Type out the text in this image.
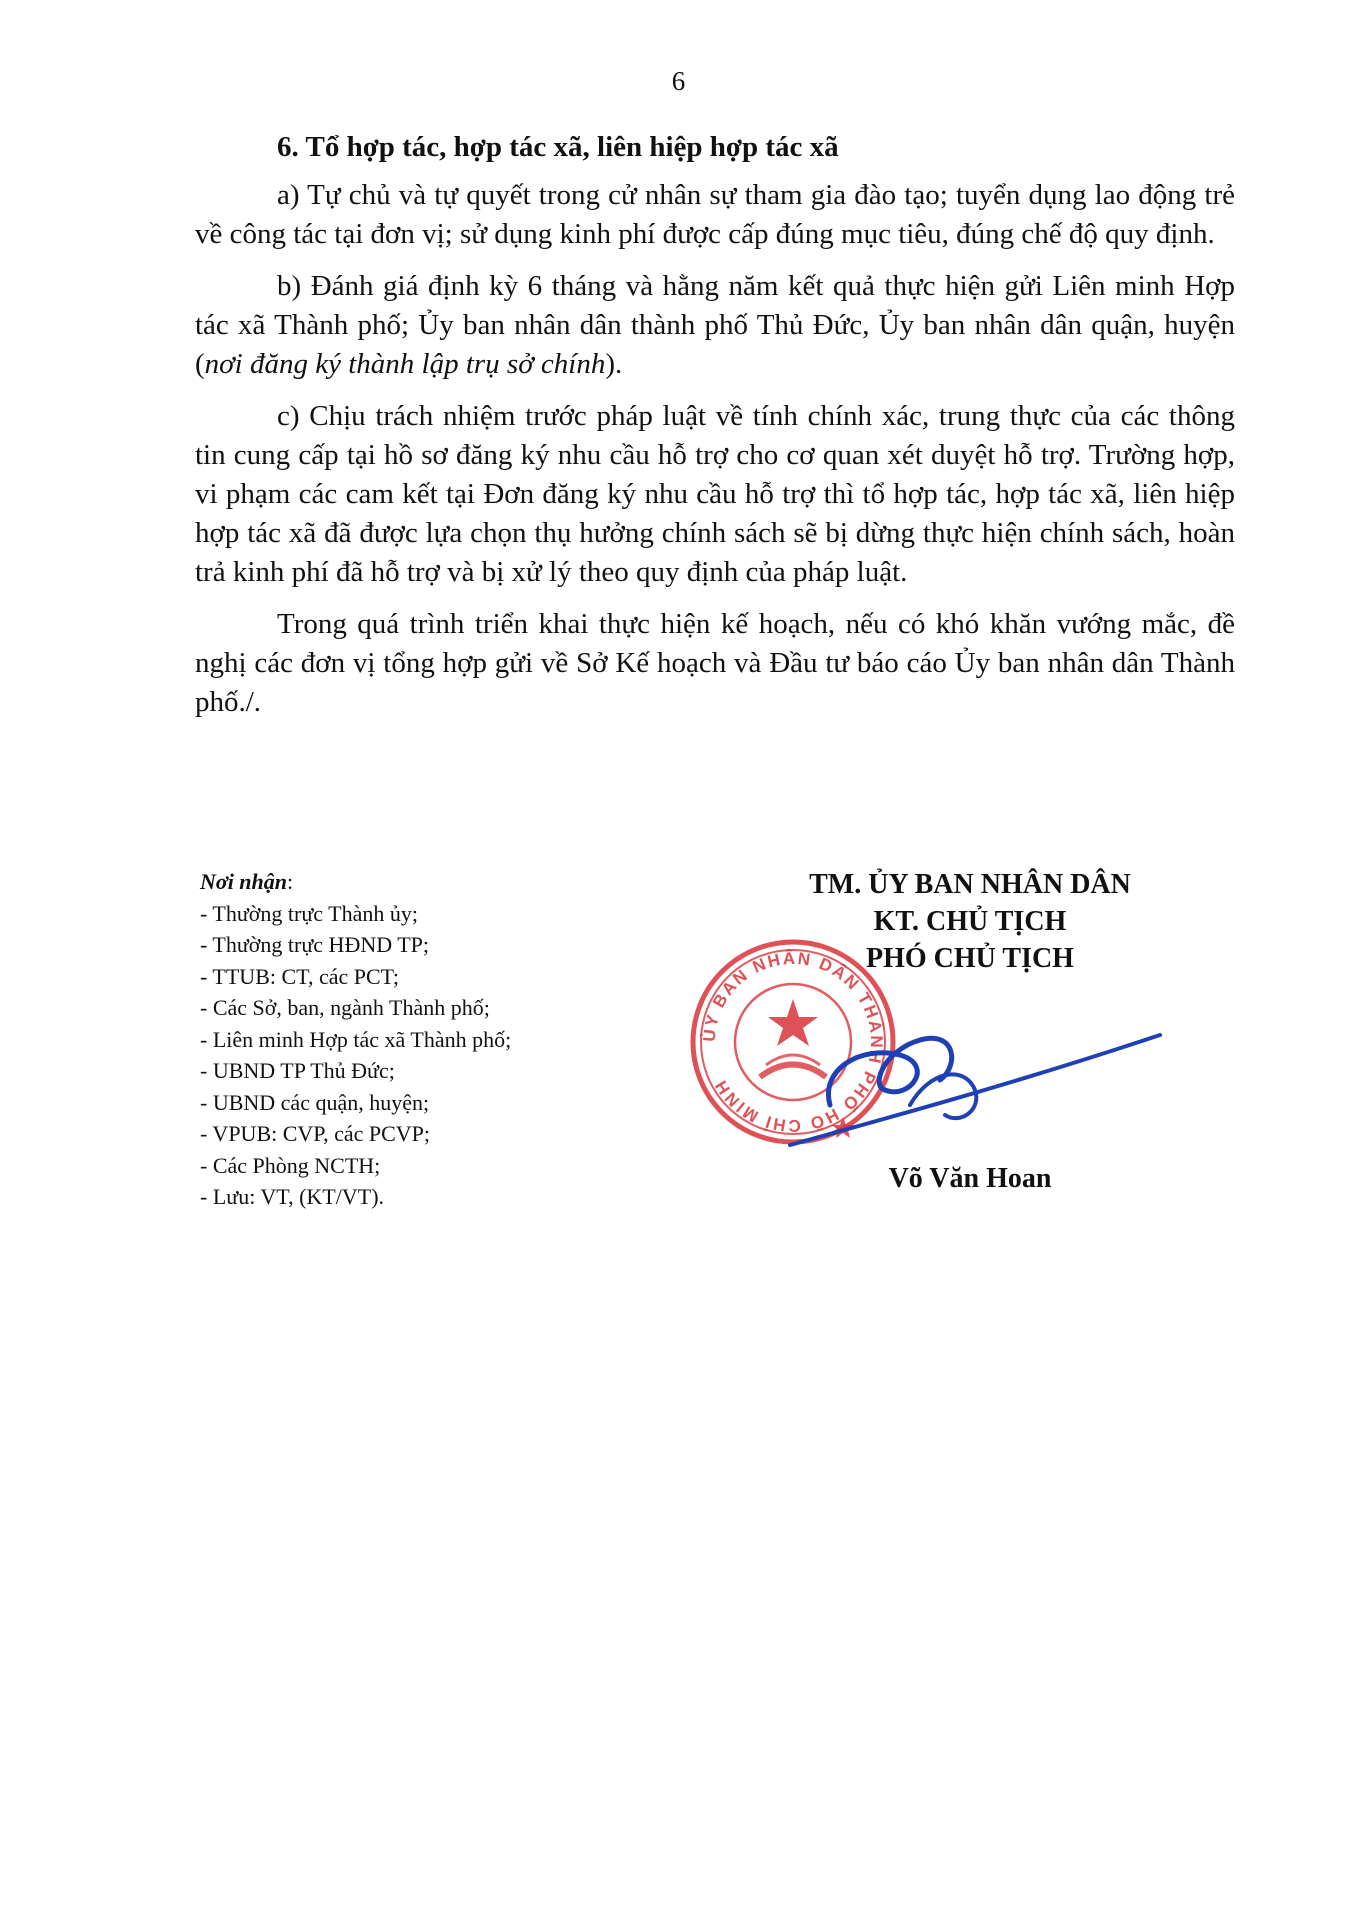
6
6. Tổ hợp tác, hợp tác xã, liên hiệp hợp tác xã

a) Tự chủ và tự quyết trong cử nhân sự tham gia đào tạo; tuyển dụng lao động trẻ về công tác tại đơn vị; sử dụng kinh phí được cấp đúng mục tiêu, đúng chế độ quy định.

b) Đánh giá định kỳ 6 tháng và hằng năm kết quả thực hiện gửi Liên minh Hợp tác xã Thành phố; Ủy ban nhân dân thành phố Thủ Đức, Ủy ban nhân dân quận, huyện (nơi đăng ký thành lập trụ sở chính).

c) Chịu trách nhiệm trước pháp luật về tính chính xác, trung thực của các thông tin cung cấp tại hồ sơ đăng ký nhu cầu hỗ trợ cho cơ quan xét duyệt hỗ trợ. Trường hợp, vi phạm các cam kết tại Đơn đăng ký nhu cầu hỗ trợ thì tổ hợp tác, hợp tác xã, liên hiệp hợp tác xã đã được lựa chọn thụ hưởng chính sách sẽ bị dừng thực hiện chính sách, hoàn trả kinh phí đã hỗ trợ và bị xử lý theo quy định của pháp luật.

Trong quá trình triển khai thực hiện kế hoạch, nếu có khó khăn vướng mắc, đề nghị các đơn vị tổng hợp gửi về Sở Kế hoạch và Đầu tư báo cáo Ủy ban nhân dân Thành phố./.

Nơi nhận:
- Thường trực Thành ủy;
- Thường trực HĐND TP;
- TTUB: CT, các PCT;
- Các Sở, ban, ngành Thành phố;
- Liên minh Hợp tác xã Thành phố;
- UBND TP Thủ Đức;
- UBND các quận, huyện;
- VPUB: CVP, các PCVP;
- Các Phòng NCTH;
- Lưu: VT, (KT/VT).
ỦY BAN NHÂN DÂN THÀNH PHỐ HỒ CHÍ MINH
TM. ỦY BAN NHÂN DÂN
KT. CHỦ TỊCH
PHÓ CHỦ TỊCH
Võ Văn Hoan
